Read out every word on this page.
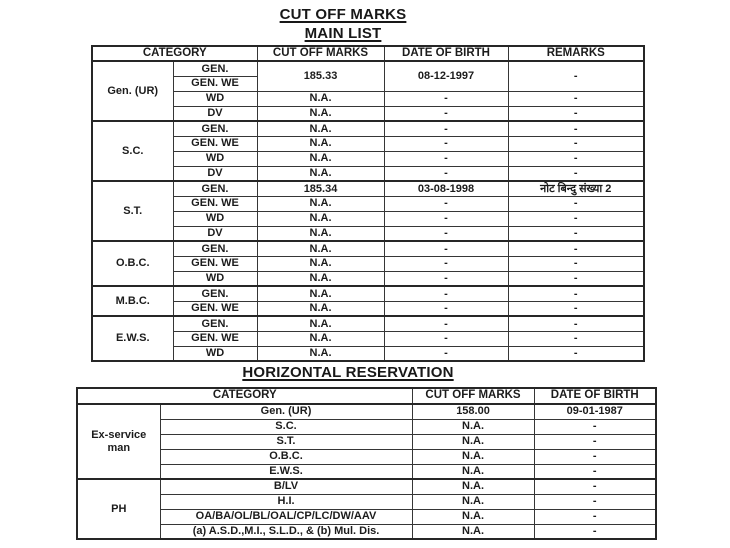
CUT OFF MARKS
MAIN LIST
CATEGORY		CUT OFF MARKS	DATE OF BIRTH	REMARKS
Gen. (UR)	GEN.	185.33	08-12-1997	-
	GEN. WE			
	WD	N.A.	-	-
	DV	N.A.	-	-
S.C.	GEN.	N.A.	-	-
	GEN. WE	N.A.	-	-
	WD	N.A.	-	-
	DV	N.A.	-	-
S.T.	GEN.	185.34	03-08-1998	नोट बिन्दु संख्या 2
	GEN. WE	N.A.	-	-
	WD	N.A.	-	-
	DV	N.A.	-	-
O.B.C.	GEN.	N.A.	-	-
	GEN. WE	N.A.	-	-
	WD	N.A.	-	-
M.B.C.	GEN.	N.A.	-	-
	GEN. WE	N.A.	-	-
E.W.S.	GEN.	N.A.	-	-
	GEN. WE	N.A.	-	-
	WD	N.A.	-	-
HORIZONTAL RESERVATION
CATEGORY		CUT OFF MARKS	DATE OF BIRTH
Ex-service man	Gen. (UR)	158.00	09-01-1987
	S.C.	N.A.	-
	S.T.	N.A.	-
	O.B.C.	N.A.	-
	E.W.S.	N.A.	-
PH	B/LV	N.A.	-
	H.I.	N.A.	-
	OA/BA/OL/BL/OAL/CP/LC/DW/AAV	N.A.	-
	(a) A.S.D.,M.I., S.L.D., & (b) Mul. Dis.	N.A.	-
